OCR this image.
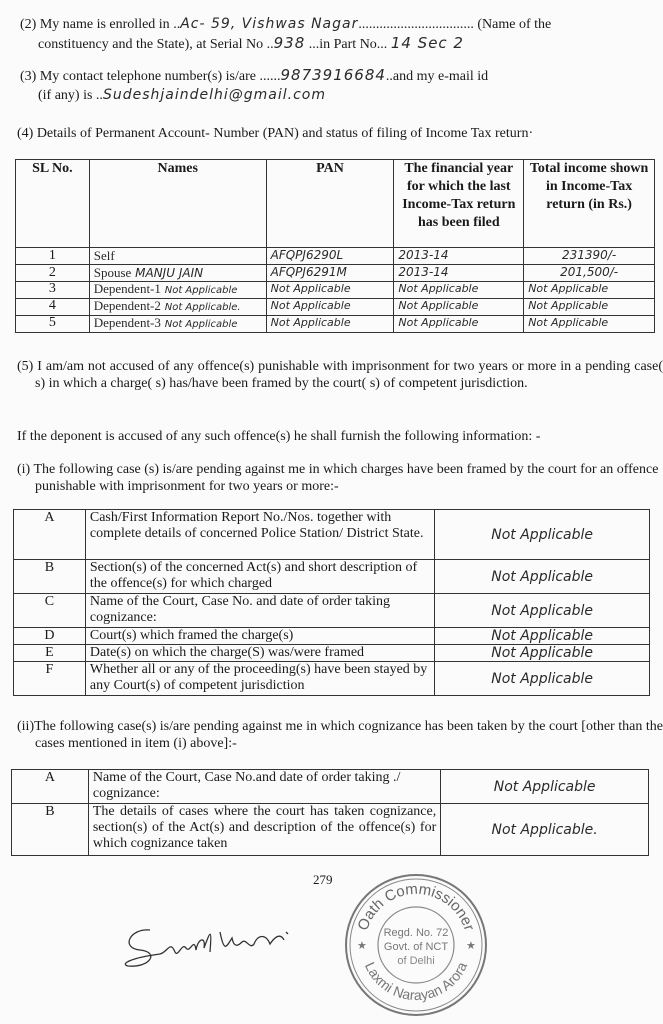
(2) My name is enrolled in ..Ac- 59, Vishwas Nagar................................. (Name of the
constituency and the State), at Serial No ..938 ...in Part No... 14 Sec 2
(3) My contact telephone number(s) is/are ......9873916684..and my e-mail id
(if any) is ..Sudeshjaindelhi@gmail.com
(4) Details of Permanent Account- Number (PAN) and status of filing of Income Tax return·
SL No.	Names	PAN	The financial year for which the last Income-Tax return has been filed	Total income shown in Income-Tax return (in Rs.)
1	Self	AFQPJ6290L	2013-14	231390/-
2	Spouse MANJU JAIN	AFQPJ6291M	2013-14	201,500/-
3	Dependent-1 Not Applicable	Not Applicable	Not Applicable	Not Applicable
4	Dependent-2 Not Applicable.	Not Applicable	Not Applicable	Not Applicable
5	Dependent-3 Not Applicable	Not Applicable	Not Applicable	Not Applicable
(5) I am/am not accused of any offence(s) punishable with imprisonment for two years or more in a pending case( s) in which a charge( s) has/have been framed by the court( s) of competent jurisdiction.
If the deponent is accused of any such offence(s) he shall furnish the following information: -
(i) The following case (s) is/are pending against me in which charges have been framed by the court for an offence punishable with imprisonment for two years or more:-
A	Cash/First Information Report No./Nos. together with complete details of concerned Police Station/ District State.	Not Applicable
B	Section(s) of the concerned Act(s) and short description of the offence(s) for which charged	Not Applicable
C	Name of the Court, Case No. and date of order taking cognizance:	Not Applicable
D	Court(s) which framed the charge(s)	Not Applicable
E	Date(s) on which the charge(S) was/were framed	Not Applicable
F	Whether all or any of the proceeding(s) have been stayed by any Court(s) of competent jurisdiction	Not Applicable
(ii)The following case(s) is/are pending against me in which cognizance has been taken by the court [other than the cases mentioned in item (i) above]:-
A	Name of the Court, Case No.and date of order taking ./ cognizance:	Not Applicable
B	The details of cases where the court has taken cognizance, section(s) of the Act(s) and description of the offence(s) for which cognizance taken	Not Applicable.
279
Oath Commissioner
Laxmi Narayan Arora
Regd. No. 72
Govt. of NCT
of Delhi
★	★
